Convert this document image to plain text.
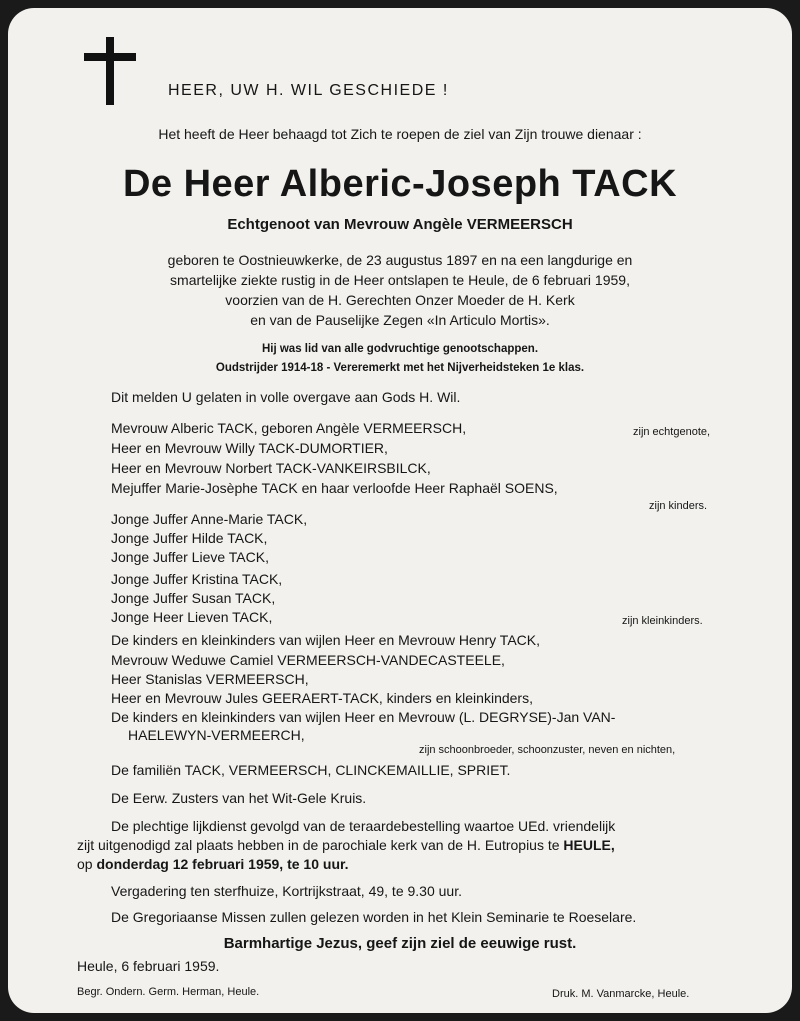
HEER, UW H. WIL GESCHIEDE !
Het heeft de Heer behaagd tot Zich te roepen de ziel van Zijn trouwe dienaar :
De Heer Alberic-Joseph TACK
Echtgenoot van Mevrouw Angèle VERMEERSCH
geboren te Oostnieuwkerke, de 23 augustus 1897 en na een langdurige en
smartelijke ziekte rustig in de Heer ontslapen te Heule, de 6 februari 1959,
voorzien van de H. Gerechten Onzer Moeder de H. Kerk
en van de Pauselijke Zegen «In Articulo Mortis».
Hij was lid van alle godvruchtige genootschappen.
Oudstrijder 1914-18 - Vereremerkt met het Nijverheidsteken 1e klas.
Dit melden U gelaten in volle overgave aan Gods H. Wil.
Mevrouw Alberic TACK, geboren Angèle VERMEERSCH,	zijn echtgenote,
Heer en Mevrouw Willy TACK-DUMORTIER,
Heer en Mevrouw Norbert TACK-VANKEIRSBILCK,
Mejuffer Marie-Josèphe TACK en haar verloofde Heer Raphaël SOENS,
zijn kinders.
Jonge Juffer Anne-Marie TACK,
Jonge Juffer Hilde TACK,
Jonge Juffer Lieve TACK,
Jonge Juffer Kristina TACK,
Jonge Juffer Susan TACK,
Jonge Heer Lieven TACK,	zijn kleinkinders.
De kinders en kleinkinders van wijlen Heer en Mevrouw Henry TACK,
Mevrouw Weduwe Camiel VERMEERSCH-VANDECASTEELE,
Heer Stanislas VERMEERSCH,
Heer en Mevrouw Jules GEERAERT-TACK, kinders en kleinkinders,
De kinders en kleinkinders van wijlen Heer en Mevrouw (L. DEGRYSE)-Jan VAN-
HAELEWYN-VERMEERCH,
zijn schoonbroeder, schoonzuster, neven en nichten,
De familiën TACK, VERMEERSCH, CLINCKEMAILLIE, SPRIET.
De Eerw. Zusters van het Wit-Gele Kruis.
De plechtige lijkdienst gevolgd van de teraardebestelling waartoe UEd. vriendelijk
zijt uitgenodigd zal plaats hebben in de parochiale kerk van de H. Eutropius te HEULE,
op donderdag 12 februari 1959, te 10 uur.
Vergadering ten sterfhuize, Kortrijkstraat, 49, te 9.30 uur.
De Gregoriaanse Missen zullen gelezen worden in het Klein Seminarie te Roeselare.
Barmhartige Jezus, geef zijn ziel de eeuwige rust.
Heule, 6 februari 1959.
Begr. Ondern. Germ. Herman, Heule.	Druk. M. Vanmarcke, Heule.
